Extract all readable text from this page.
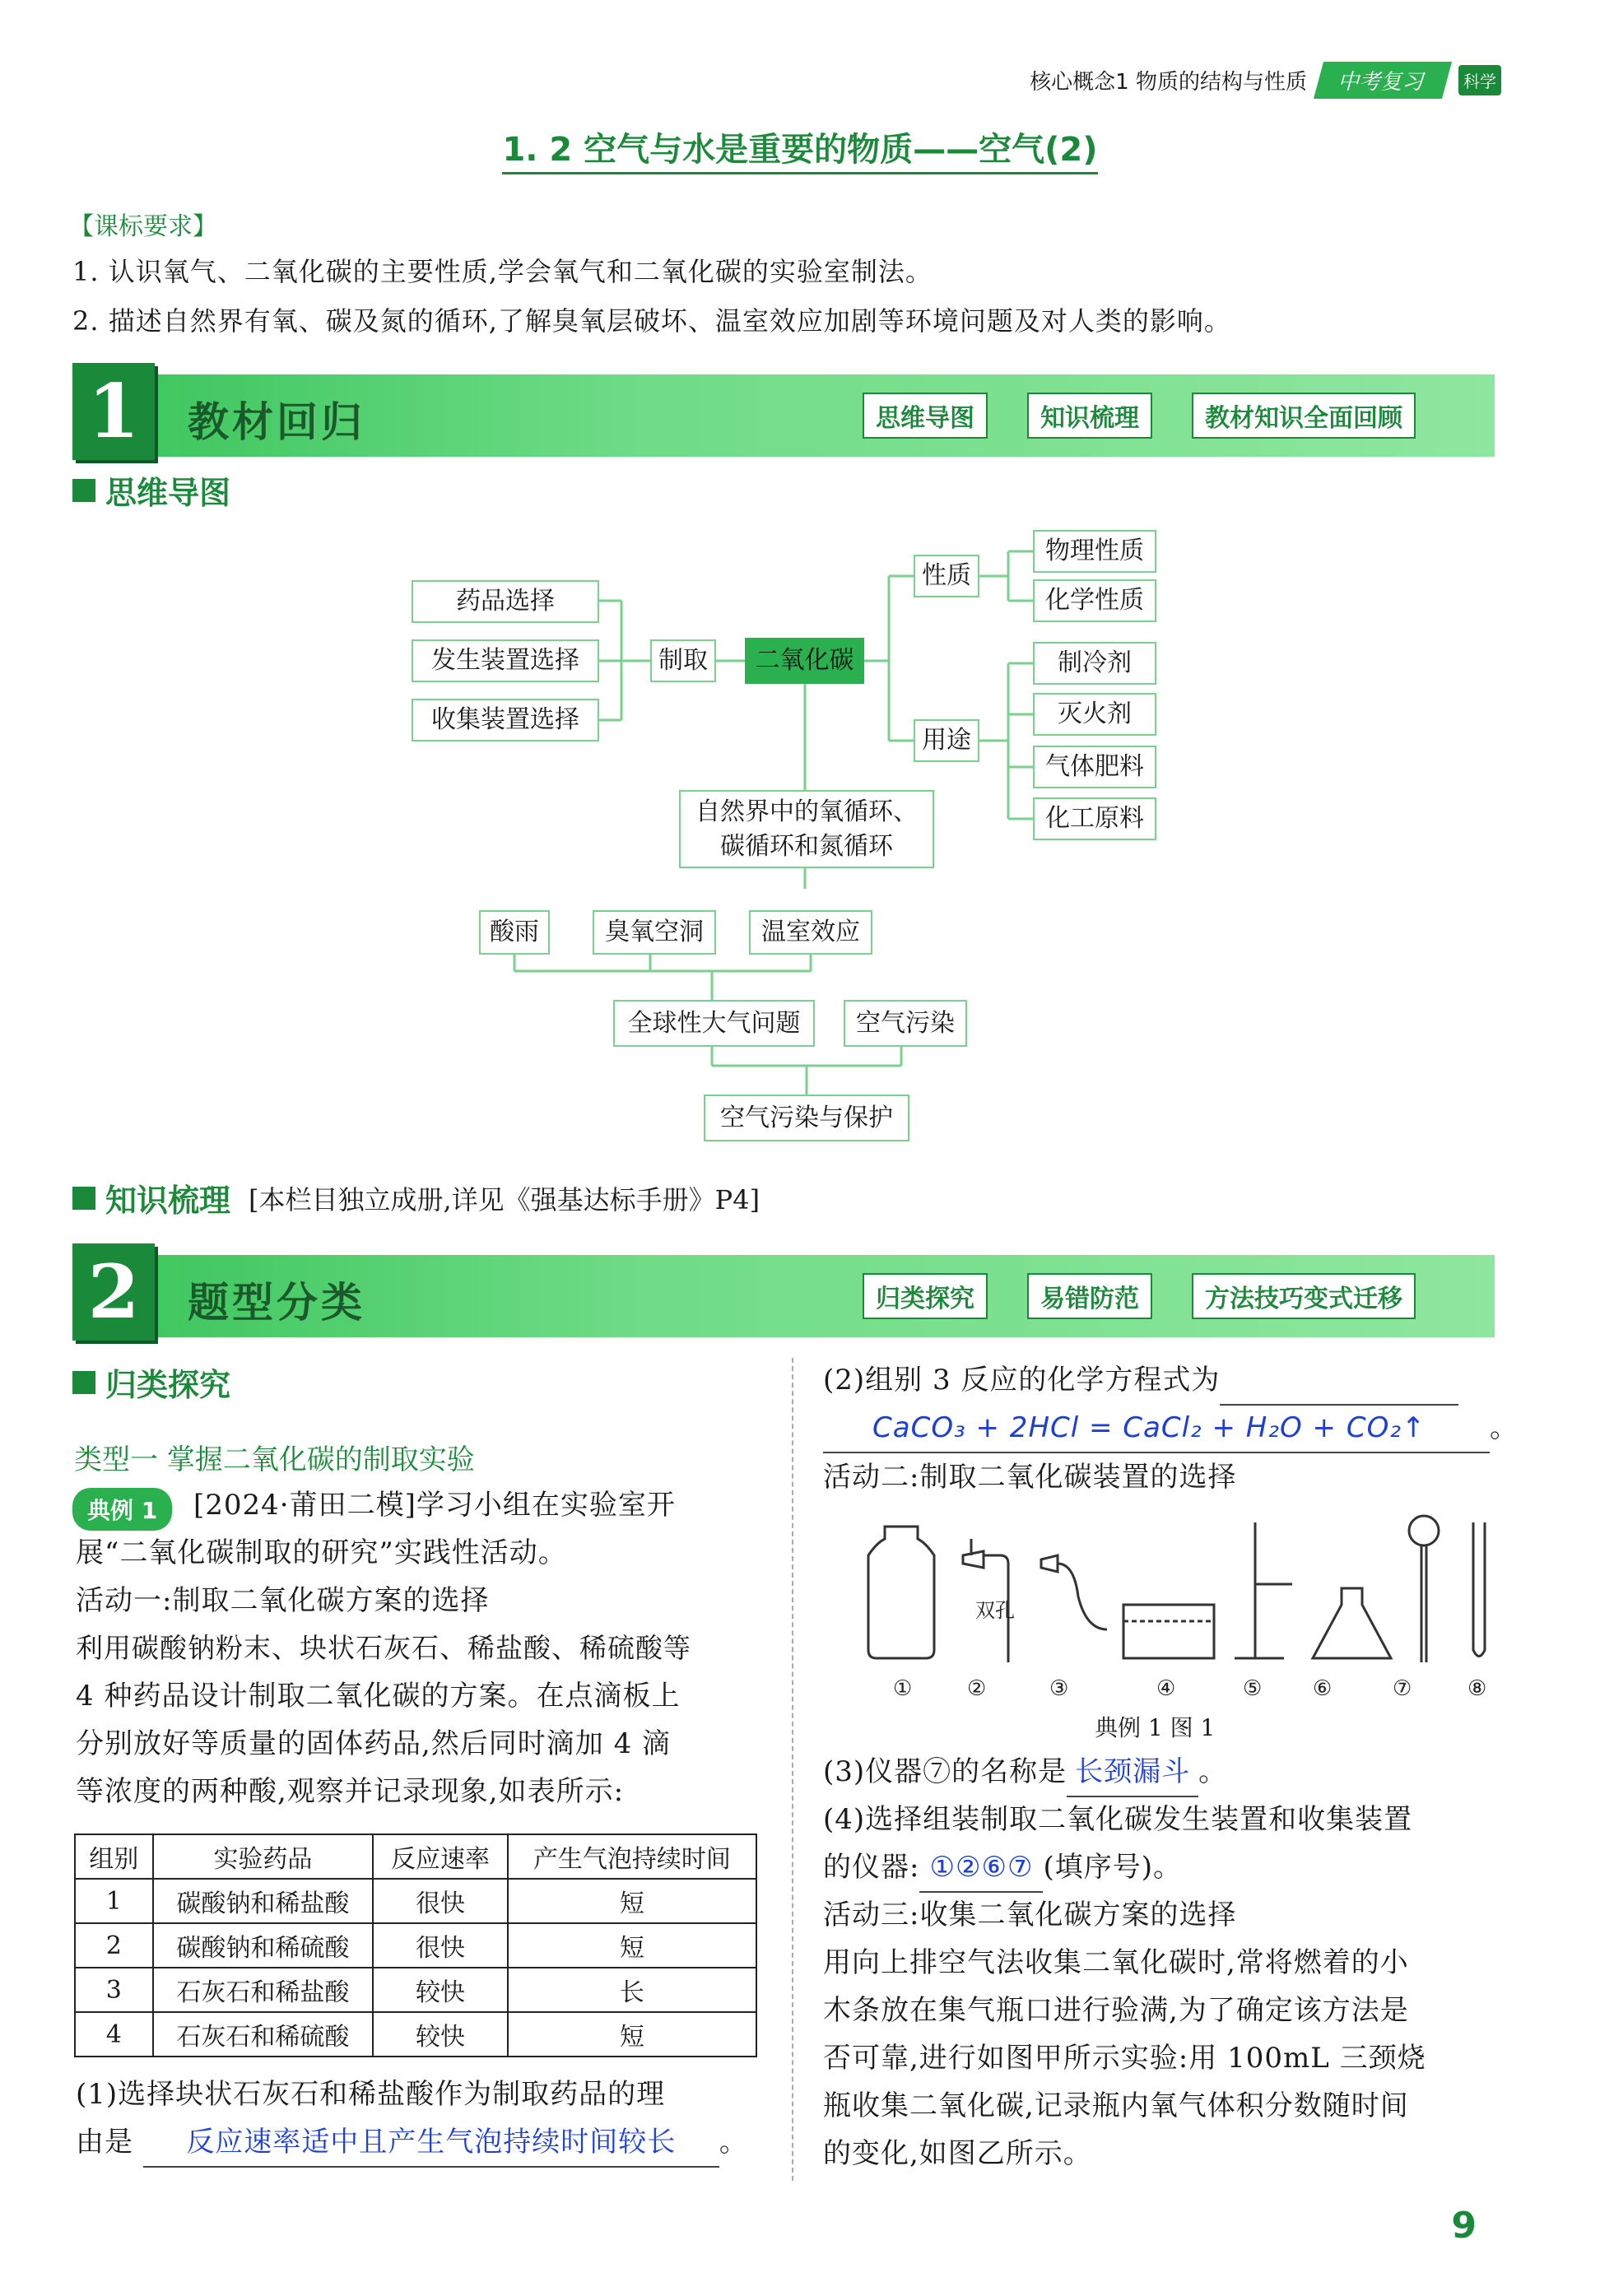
核心概念1 物质的结构与性质	中考复习	科学
1. 2 空气与水是重要的物质——空气(2)
【课标要求】
1. 认识氧气、二氧化碳的主要性质,学会氧气和二氧化碳的实验室制法。
2. 描述自然界有氧、碳及氮的循环,了解臭氧层破坏、温室效应加剧等环境问题及对人类的影响。
1	教材回归	思维导图	知识梳理	教材知识全面回顾
思维导图
药品选择
发生装置选择
收集装置选择
制取	二氧化碳
性质
物理性质
化学性质
用途
制冷剂
灭火剂
气体肥料
化工原料
自然界中的氧循环、
碳循环和氮循环
酸雨	臭氧空洞	温室效应
全球性大气问题	空气污染
空气污染与保护
知识梳理 [本栏目独立成册,详见《强基达标手册》P4]
2	题型分类	归类探究	易错防范	方法技巧变式迁移
归类探究
类型一 掌握二氧化碳的制取实验
典例 1	[2024·莆田二模]学习小组在实验室开
展“二氧化碳制取的研究”实践性活动。
活动一:制取二氧化碳方案的选择
利用碳酸钠粉末、块状石灰石、稀盐酸、稀硫酸等
4 种药品设计制取二氧化碳的方案。在点滴板上
分别放好等质量的固体药品,然后同时滴加 4 滴
等浓度的两种酸,观察并记录现象,如表所示:
组别	实验药品	反应速率	产生气泡持续时间
1	碳酸钠和稀盐酸	很快	短
2	碳酸钠和稀硫酸	很快	短
3	石灰石和稀盐酸	较快	长
4	石灰石和稀硫酸	较快	短
(1)选择块状石灰石和稀盐酸作为制取药品的理
由是 反应速率适中且产生气泡持续时间较长 。
(2)组别 3 反应的化学方程式为
CaCO₃ + 2HCl = CaCl₂ + H₂O + CO₂↑ 。
活动二:制取二氧化碳装置的选择
双孔
①	②	③	④	⑤ ⑥	⑦	⑧
典例 1 图 1
(3)仪器⑦的名称是 长颈漏斗 。
(4)选择组装制取二氧化碳发生装置和收集装置
的仪器: ①②⑥⑦ (填序号)。
活动三:收集二氧化碳方案的选择
用向上排空气法收集二氧化碳时,常将燃着的小
木条放在集气瓶口进行验满,为了确定该方法是
否可靠,进行如图甲所示实验:用 100mL 三颈烧
瓶收集二氧化碳,记录瓶内氧气体积分数随时间
的变化,如图乙所示。
9
